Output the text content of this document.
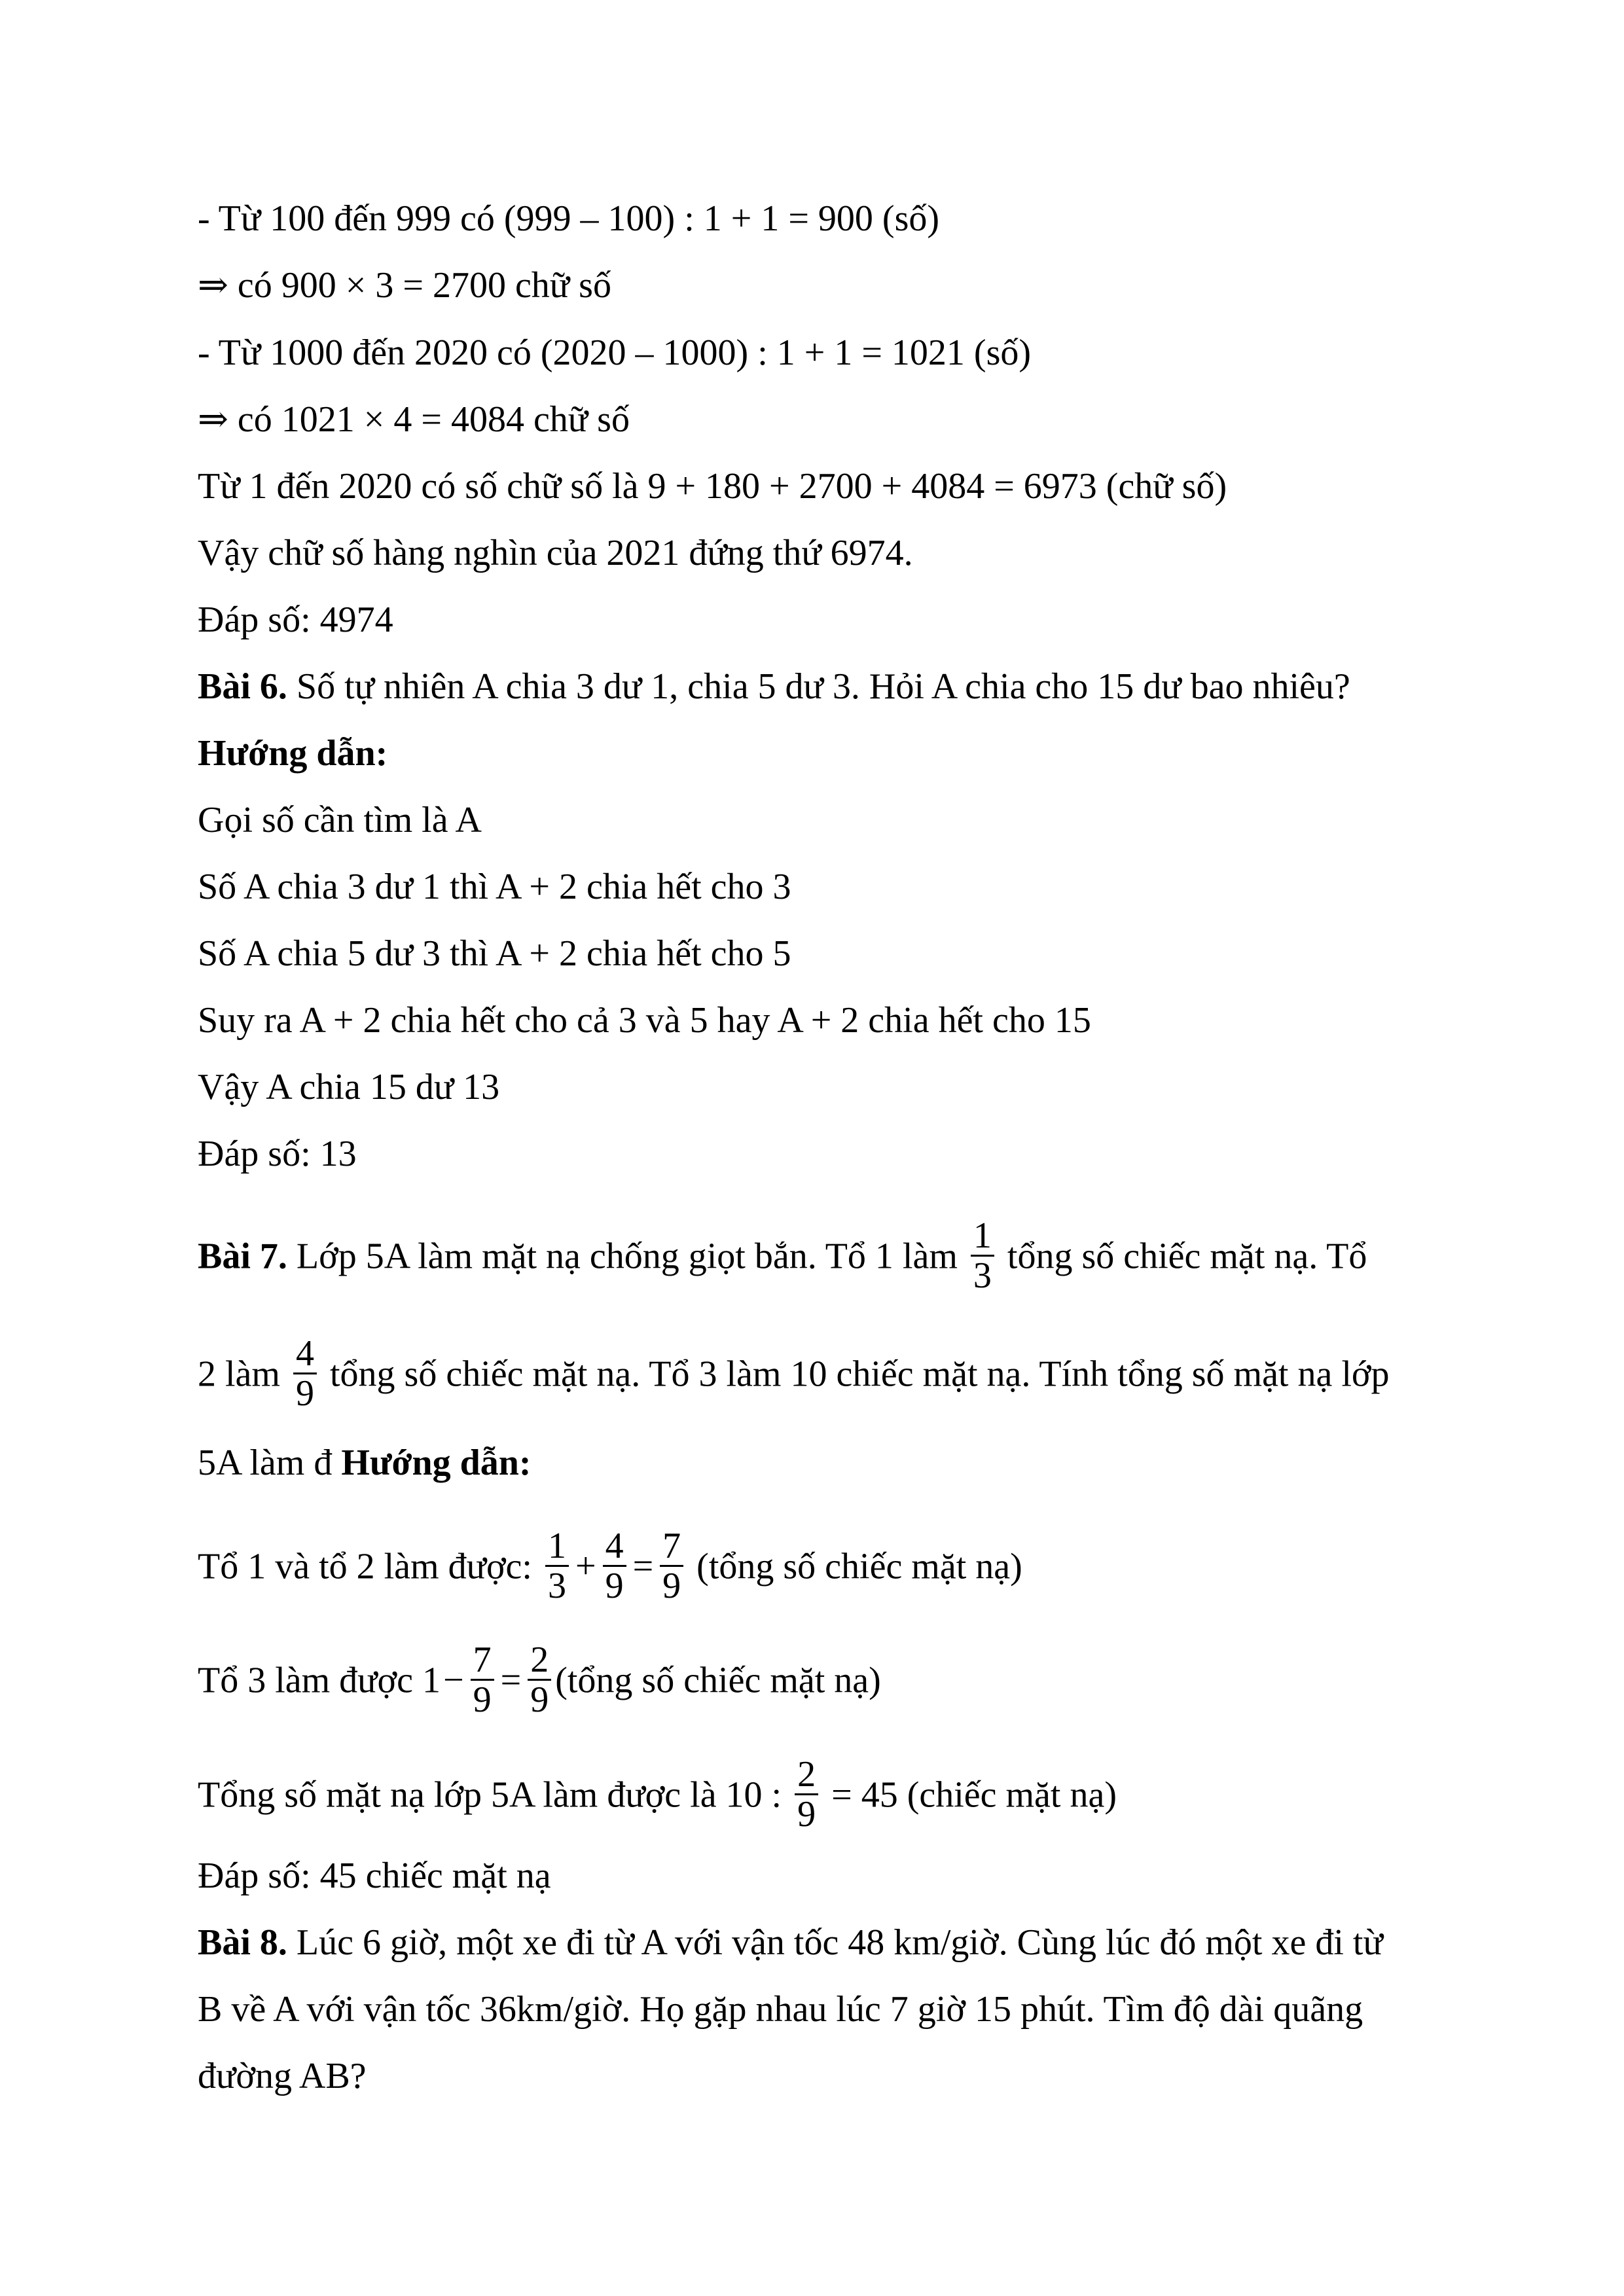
- Từ 100 đến 999 có (999 – 100) : 1 + 1 = 900 (số)
⇒ có 900 × 3 = 2700 chữ số
- Từ 1000 đến 2020 có (2020 – 1000) : 1 + 1 = 1021 (số)
⇒ có 1021 × 4 = 4084 chữ số
Từ 1 đến 2020 có số chữ số là 9 + 180 + 2700 + 4084 = 6973 (chữ số)
Vậy chữ số hàng nghìn của 2021 đứng thứ 6974.
Đáp số: 4974
Bài 6. Số tự nhiên A chia 3 dư 1, chia 5 dư 3. Hỏi A chia cho 15 dư bao nhiêu?
Hướng dẫn:
Gọi số cần tìm là A
Số A chia 3 dư 1 thì A + 2 chia hết cho 3
Số A chia 5 dư 3 thì A + 2 chia hết cho 5
Suy ra A + 2 chia hết cho cả 3 và 5 hay A + 2 chia hết cho 15
Vậy A chia 15 dư 13
Đáp số: 13
Bài 7. Lớp 5A làm mặt nạ chống giọt bắn. Tổ 1 làm $\frac{1}{3}$ tổng số chiếc mặt nạ. Tổ
2 làm $\frac{4}{9}$ tổng số chiếc mặt nạ. Tổ 3 làm 10 chiếc mặt nạ. Tính tổng số mặt nạ lớp
5A làm đ Hướng dẫn:
Tổ 1 và tổ 2 làm được: $\frac{1}{3} + \frac{4}{9} = \frac{7}{9}$ (tổng số chiếc mặt nạ)
Tổ 3 làm được $1- \frac{7}{9} = \frac{2}{9}$ (tổng số chiếc mặt nạ)
Tổng số mặt nạ lớp 5A làm được là 10 : $\frac{2}{9} = 45$ (chiếc mặt nạ)
Đáp số: 45 chiếc mặt nạ
Bài 8. Lúc 6 giờ, một xe đi từ A với vận tốc 48 km/giờ. Cùng lúc đó một xe đi từ
B về A với vận tốc 36km/giờ. Họ gặp nhau lúc 7 giờ 15 phút. Tìm độ dài quãng
đường AB?
